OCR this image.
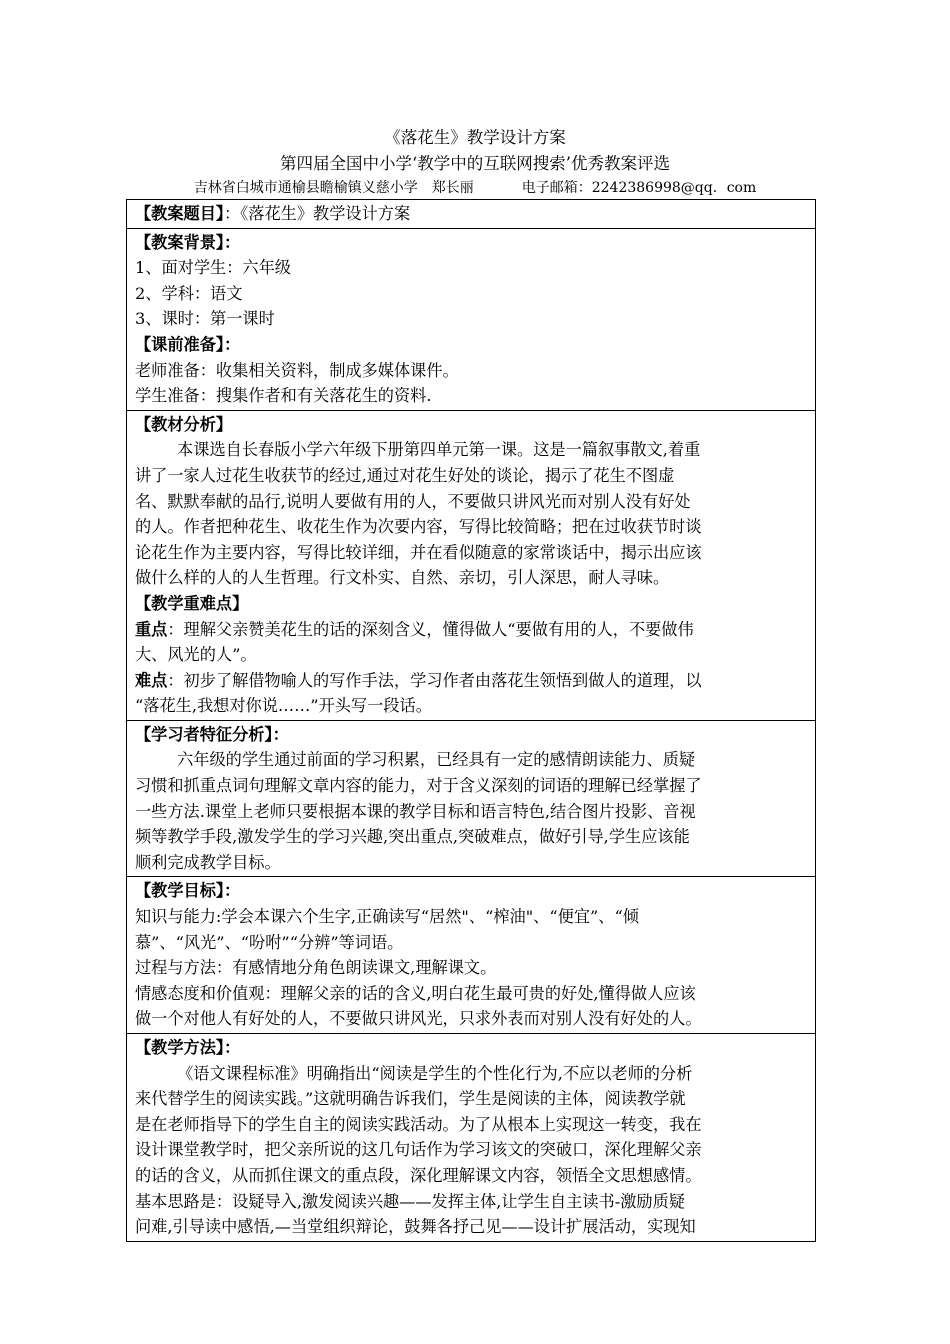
《落花生》教学设计方案
第四届全国中小学‘教学中的互联网搜索’优秀教案评选
吉林省白城市通榆县瞻榆镇义慈小学 郑长丽	电子邮箱：2242386998@qq．com
【教案题目】：《落花生》教学设计方案

【教案背景】：
1、面对学生：六年级
2、学科：语文
3、课时：第一课时
【课前准备】：
老师准备：收集相关资料，制成多媒体课件。
学生准备：搜集作者和有关落花生的资料.

【教材分析】
本课选自长春版小学六年级下册第四单元第一课。这是一篇叙事散文,着重
讲了一家人过花生收获节的经过,通过对花生好处的谈论，揭示了花生不图虚
名、默默奉献的品行,说明人要做有用的人，不要做只讲风光而对别人没有好处
的人。作者把种花生、收花生作为次要内容，写得比较简略；把在过收获节时谈
论花生作为主要内容，写得比较详细，并在看似随意的家常谈话中，揭示出应该
做什么样的人的人生哲理。行文朴实、自然、亲切，引人深思，耐人寻味。
【教学重难点】
重点：理解父亲赞美花生的话的深刻含义，懂得做人“要做有用的人，不要做伟
大、风光的人”。
难点：初步了解借物喻人的写作手法，学习作者由落花生领悟到做人的道理，以
“落花生,我想对你说……”开头写一段话。

【学习者特征分析】：
六年级的学生通过前面的学习积累，已经具有一定的感情朗读能力、质疑
习惯和抓重点词句理解文章内容的能力，对于含义深刻的词语的理解已经掌握了
一些方法.课堂上老师只要根据本课的教学目标和语言特色,结合图片投影、音视
频等教学手段,激发学生的学习兴趣,突出重点,突破难点，做好引导,学生应该能
顺利完成教学目标。

【教学目标】：
知识与能力:学会本课六个生字,正确读写“居然"、“榨油"、“便宜”、“倾
慕”、“风光”、“吩咐”“分辨”等词语。
过程与方法：有感情地分角色朗读课文,理解课文。
情感态度和价值观：理解父亲的话的含义,明白花生最可贵的好处,懂得做人应该
做一个对他人有好处的人，不要做只讲风光，只求外表而对别人没有好处的人。

【教学方法】：
《语文课程标准》明确指出“阅读是学生的个性化行为,不应以老师的分析
来代替学生的阅读实践。”这就明确告诉我们，学生是阅读的主体，阅读教学就
是在老师指导下的学生自主的阅读实践活动。为了从根本上实现这一转变，我在
设计课堂教学时，把父亲所说的这几句话作为学习该文的突破口，深化理解父亲
的话的含义，从而抓住课文的重点段，深化理解课文内容，领悟全文思想感情。
基本思路是：设疑导入,激发阅读兴趣——发挥主体,让学生自主读书-激励质疑
问难,引导读中感悟,—当堂组织辩论，鼓舞各抒己见——设计扩展活动，实现知
